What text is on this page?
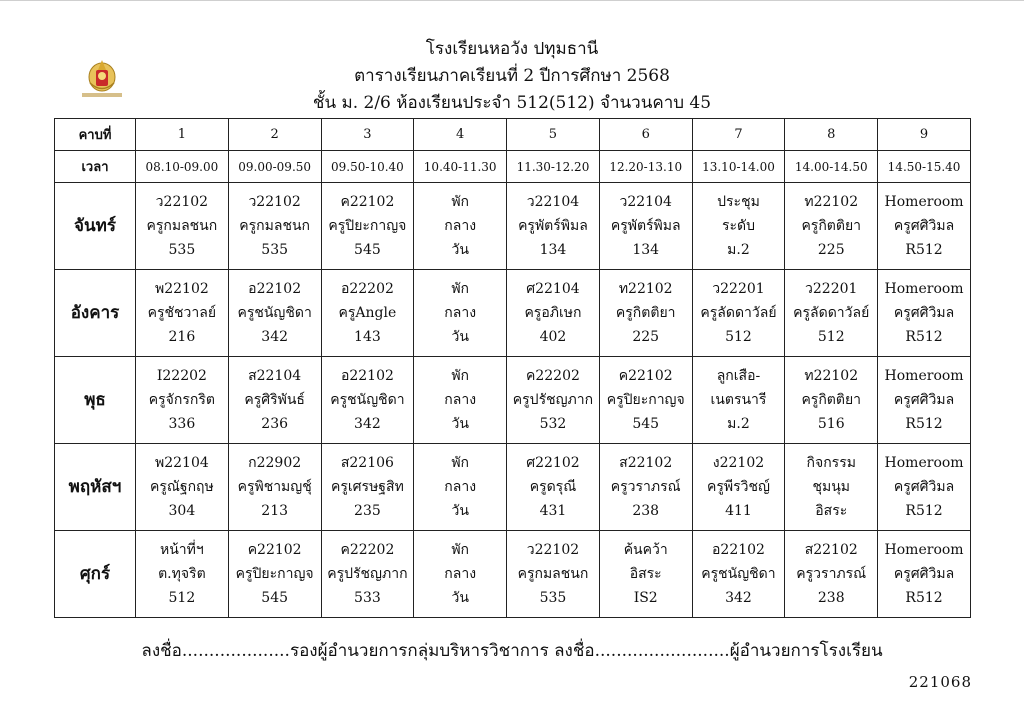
โรงเรียนหอวัง ปทุมธานี
ตารางเรียนภาคเรียนที่ 2 ปีการศึกษา 2568
ชั้น ม. 2/6 ห้องเรียนประจำ 512(512) จำนวนคาบ 45
คาบที่	1	2	3	4	5	6	7	8	9
เวลา	08.10-09.00	09.00-09.50	09.50-10.40	10.40-11.30	11.30-12.20	12.20-13.10	13.10-14.00	14.00-14.50	14.50-15.40
จันทร์	ว22102
ครูกมลชนก
535	ว22102
ครูกมลชนก
535	ค22102
ครูปิยะกาญจ
545	พัก
กลาง
วัน	ว22104
ครูพัตร์พิมล
134	ว22104
ครูพัตร์พิมล
134	ประชุม
ระดับ
ม.2	ท22102
ครูกิตติยา
225	Homeroom
ครูศศิวิมล
R512

อังคาร	พ22102
ครูชัชวาลย์
216	อ22102
ครูชนัญชิดา
342	อ22202
ครูAngle
143	พัก
กลาง
วัน	ศ22104
ครูอภิเษก
402	ท22102
ครูกิตติยา
225	ว22201
ครูลัดดาวัลย์
512	ว22201
ครูลัดดาวัลย์
512	Homeroom
ครูศศิวิมล
R512

พุธ	I22202
ครูจักรกริต
336	ส22104
ครูศิริพันธ์
236	อ22102
ครูชนัญชิดา
342	พัก
กลาง
วัน	ค22202
ครูปรัชญภาก
532	ค22102
ครูปิยะกาญจ
545	ลูกเสือ-
เนตรนารี
ม.2	ท22102
ครูกิตติยา
516	Homeroom
ครูศศิวิมล
R512

พฤหัสฯ	พ22104
ครูณัฐกฤษ
304	ก22902
ครูพิชามญชุ์
213	ส22106
ครูเศรษฐสิท
235	พัก
กลาง
วัน	ศ22102
ครูดรุณี
431	ส22102
ครูวราภรณ์
238	ง22102
ครูพีรวิชญ์
411	กิจกรรม
ชุมนุม
อิสระ	Homeroom
ครูศศิวิมล
R512

ศุกร์	หน้าที่ฯ
ต.ทุจริต
512	ค22102
ครูปิยะกาญจ
545	ค22202
ครูปรัชญภาก
533	พัก
กลาง
วัน	ว22102
ครูกมลชนก
535	ค้นคว้า
อิสระ
IS2	อ22102
ครูชนัญชิดา
342	ส22102
ครูวราภรณ์
238	Homeroom
ครูศศิวิมล
R512
ลงชื่อ....................รองผู้อำนวยการกลุ่มบริหารวิชาการ ลงชื่อ.........................ผู้อำนวยการโรงเรียน
221068
